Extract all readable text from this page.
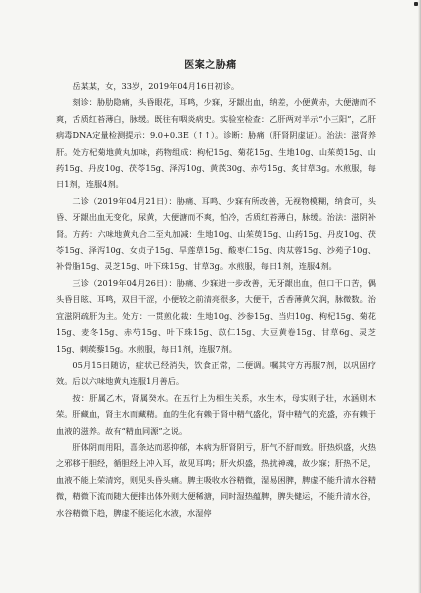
医案之胁痛

岳某某，女，33岁，2019年04月16日初诊。

刻诊：胁肋隐痛，头昏眼花，耳鸣，少寐，牙龈出血，纳差，小便黄赤，大便溏而不爽，舌质红苔薄白，脉缓。既往有咽炎病史。实验室检查：乙肝两对半示“小三阳”，乙肝病毒DNA定量检测提示：9.0+0.3E（↑↑）。诊断：胁痛（肝肾阴虚证）。治法：滋肾养肝。处方杞菊地黄丸加味，药物组成：枸杞15g、菊花15g、生地10g、山茱萸15g、山药15g、丹皮10g、茯苓15g、泽泻10g、黄芪30g、赤芍15g、炙甘草3g。水煎服，每日1剂，连服4剂。

二诊（2019年04月21日）：胁痛、耳鸣、少寐有所改善，无视物模糊，纳食可，头昏、牙龈出血无变化，尿黄，大便溏而不爽，怕冷，舌质红苔薄白，脉缓。治法：滋阴补肾。方药：六味地黄丸合二至丸加减：生地10g、山茱萸15g、山药15g、丹皮10g、茯苓15g、泽泻10g、女贞子15g、旱莲草15g、酸枣仁15g、肉苁蓉15g、沙苑子10g、补骨脂15g、灵芝15g、叶下珠15g、甘草3g。水煎服，每日1剂，连服4剂。

三诊（2019年04月26日）：胁痛、少寐进一步改善，无牙龈出血，但口干口苦，偶头昏目眩、耳鸣，双目干涩，小便较之前清亮很多，大便干，舌香薄黄欠润，脉微数。治宜滋阴疏肝为主。处方：一贯煎化裁：生地10g、沙参15g、当归10g、枸杞15g、菊花15g、麦冬15g、赤芍15g、叶下珠15g、苡仁15g、大豆黄卷15g、甘草6g、灵芝15g、刺蒺藜15g。水煎服，每日1剂，连服7剂。

05月15日随访，症状已经消失，饮食正常，二便调。嘱其守方再服7剂，以巩固疗效。后以六味地黄丸连服1月善后。

按：肝属乙木，肾属癸水。在五行上为相生关系，水生木，母实则子壮，水涵则木荣。肝藏血，肾主水而藏精。血的生化有赖于肾中精气盛化，肾中精气的充盛，亦有赖于血液的滋养。故有“精血同源”之说。

肝体阴而用阳，喜条达而恶抑郁，本病为肝肾阴亏，肝气不舒而致。肝热炽盛，火热之邪移于胆经，循胆经上冲入耳，故见耳鸣；肝火炽盛，热扰神魂，故少寐；肝热不足，血液不能上荣清窍，则见头昏头痛。脾主吸收水谷精微，湿易困脾，脾虚不能升清水谷精微，精微下流而随大便排出体外则大便稀溏，同时湿热蕴脾，脾失健运，不能升清水谷，水谷精微下趋，脾虚不能运化水液，水湿停
